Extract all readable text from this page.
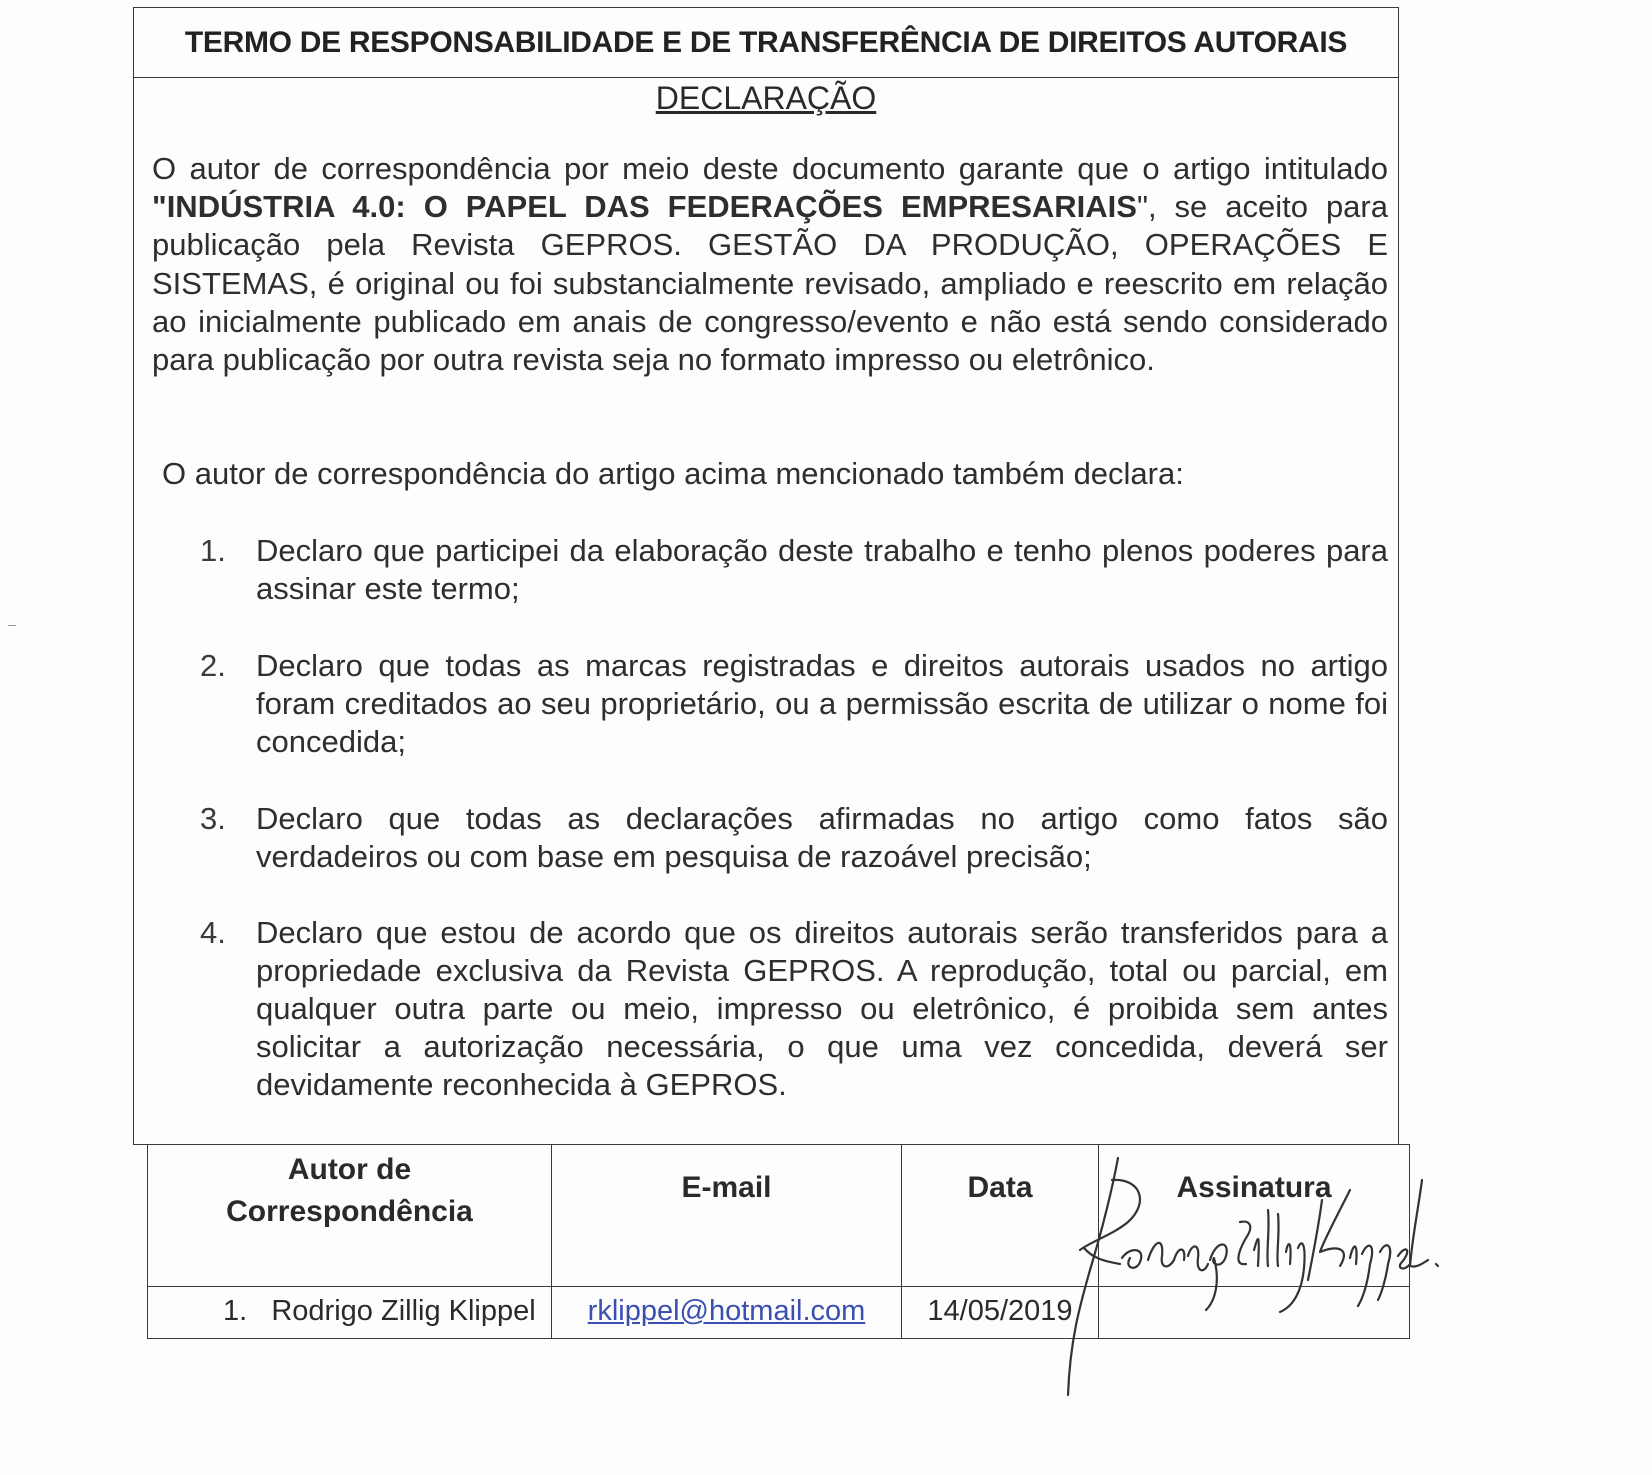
TERMO DE RESPONSABILIDADE E DE TRANSFERÊNCIA DE DIREITOS AUTORAIS
DECLARAÇÃO
O autor de correspondência por meio deste documento garante que o artigo intitulado "INDÚSTRIA 4.0: O PAPEL DAS FEDERAÇÕES EMPRESARIAIS", se aceito para publicação pela Revista GEPROS. GESTÃO DA PRODUÇÃO, OPERAÇÕES E SISTEMAS, é original ou foi substancialmente revisado, ampliado e reescrito em relação ao inicialmente publicado em anais de congresso/evento e não está sendo considerado para publicação por outra revista seja no formato impresso ou eletrônico.
O autor de correspondência do artigo acima mencionado também declara:
1. Declaro que participei da elaboração deste trabalho e tenho plenos poderes para assinar este termo;
2. Declaro que todas as marcas registradas e direitos autorais usados no artigo foram creditados ao seu proprietário, ou a permissão escrita de utilizar o nome foi concedida;
3. Declaro que todas as declarações afirmadas no artigo como fatos são verdadeiros ou com base em pesquisa de razoável precisão;
4. Declaro que estou de acordo que os direitos autorais serão transferidos para a propriedade exclusiva da Revista GEPROS. A reprodução, total ou parcial, em qualquer outra parte ou meio, impresso ou eletrônico, é proibida sem antes solicitar a autorização necessária, o que uma vez concedida, deverá ser devidamente reconhecida à GEPROS.
Autor de
Correspondência	E-mail	Data	Assinatura
1. Rodrigo Zillig Klippel	rklippel@hotmail.com	14/05/2019	
